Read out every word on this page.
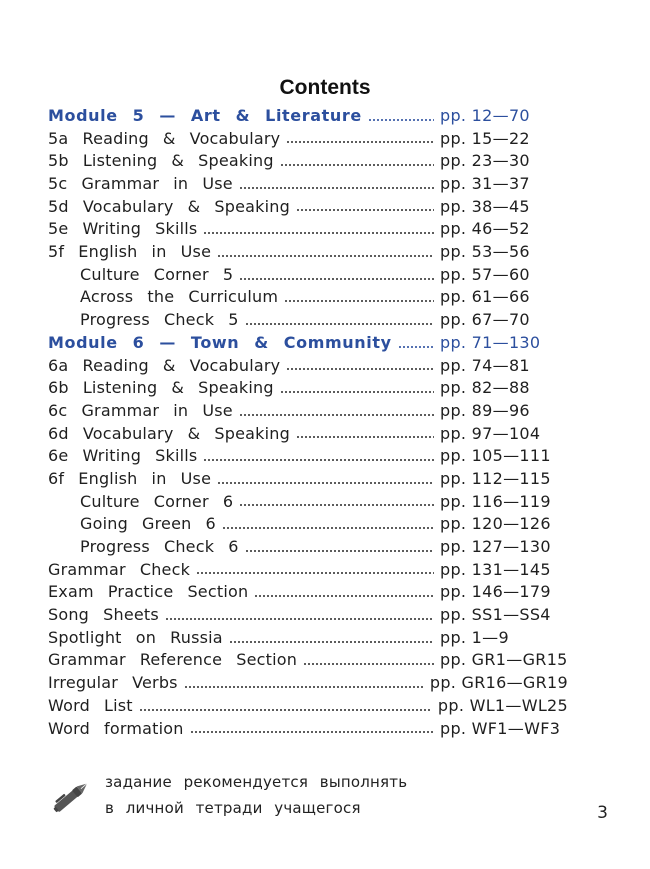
Contents
Module 5 — Art & Literature	pp. 12—70
5a Reading & Vocabulary	pp. 15—22
5b Listening & Speaking	pp. 23—30
5c Grammar in Use	pp. 31—37
5d Vocabulary & Speaking	pp. 38—45
5e Writing Skills	pp. 46—52
5f English in Use	pp. 53—56
Culture Corner 5	pp. 57—60
Across the Curriculum	pp. 61—66
Progress Check 5	pp. 67—70
Module 6 — Town & Community	pp. 71—130
6a Reading & Vocabulary	pp. 74—81
6b Listening & Speaking	pp. 82—88
6c Grammar in Use	pp. 89—96
6d Vocabulary & Speaking	pp. 97—104
6e Writing Skills	pp. 105—111
6f English in Use	pp. 112—115
Culture Corner 6	pp. 116—119
Going Green 6	pp. 120—126
Progress Check 6	pp. 127—130
Grammar Check	pp. 131—145
Exam Practice Section	pp. 146—179
Song Sheets	pp. SS1—SS4
Spotlight on Russia	pp. 1—9
Grammar Reference Section	pp. GR1—GR15
Irregular Verbs	pp. GR16—GR19
Word List	pp. WL1—WL25
Word formation	pp. WF1—WF3
задание рекомендуется выполнять
в личной тетради учащегося	3
